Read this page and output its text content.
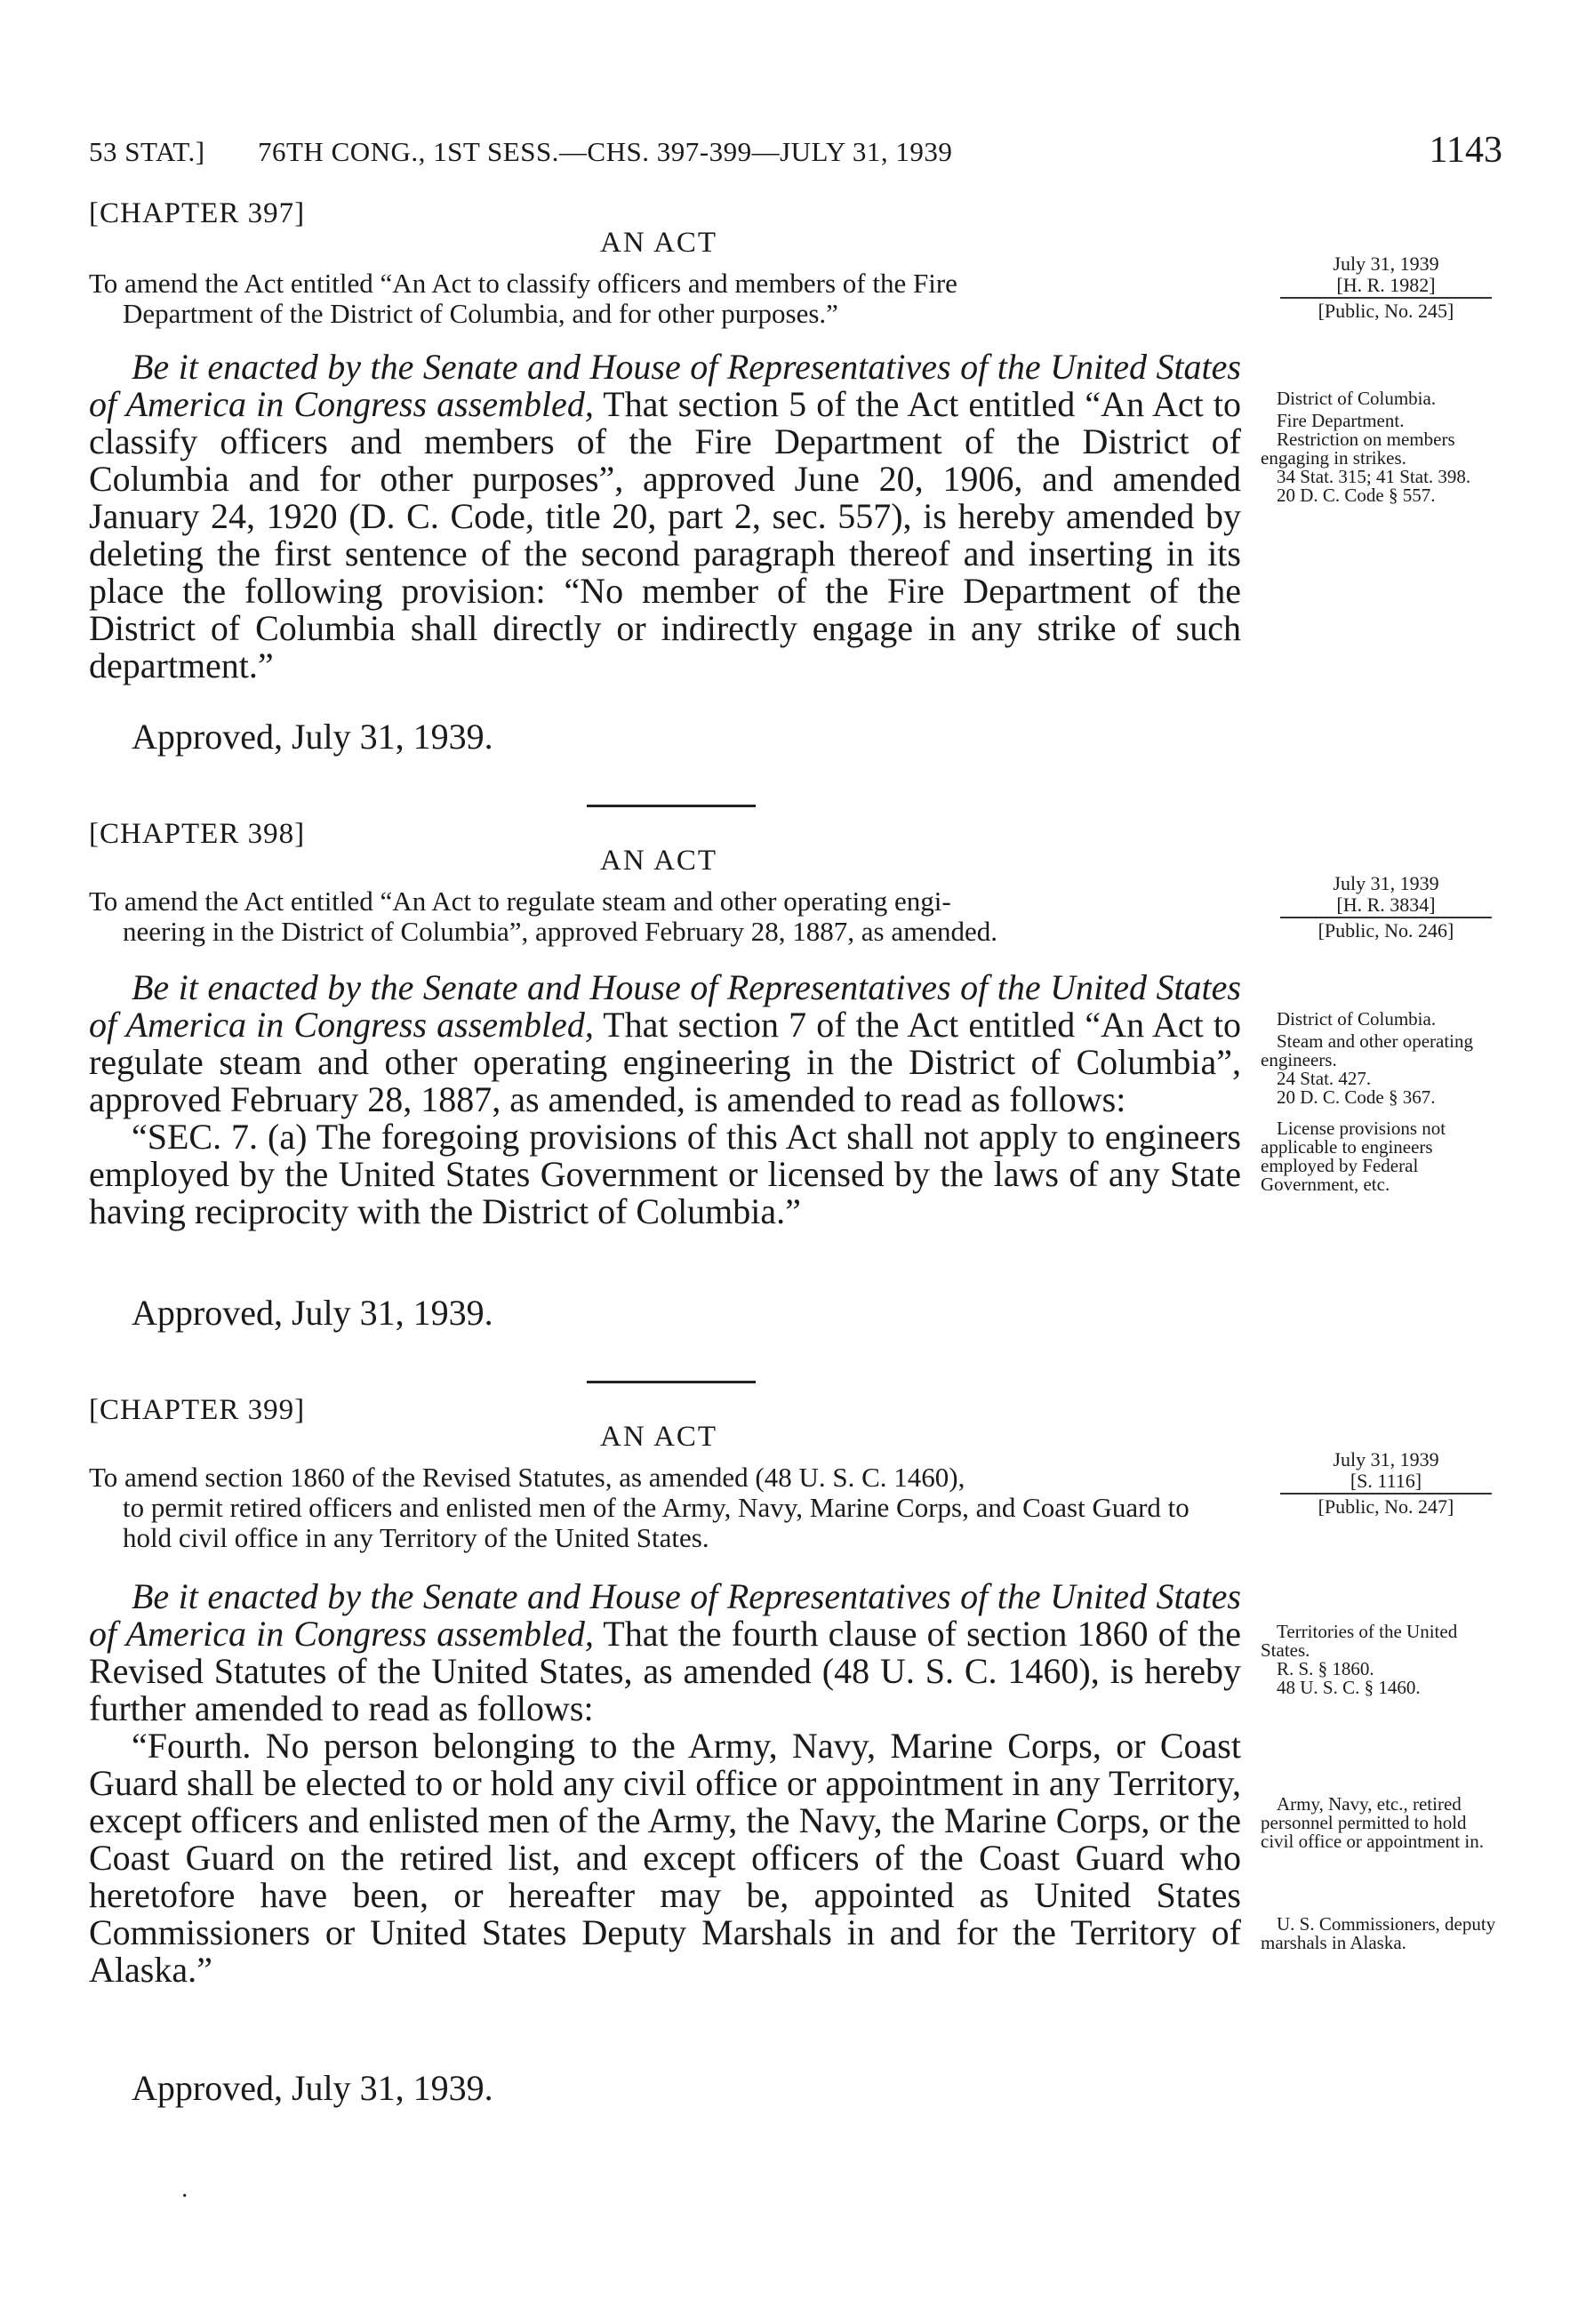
53 STAT.] 76TH CONG., 1ST SESS.—CHS. 397-399—JULY 31, 1939	1143
[CHAPTER 397]
AN ACT
To amend the Act entitled “An Act to classify officers and members of the Fire
Department of the District of Columbia, and for other purposes.”
July 31, 1939
[H. R. 1982]
[Public, No. 245]

Be it enacted by the Senate and House of Representatives of the United States of America in Congress assembled, That section 5 of the Act entitled “An Act to classify officers and members of the Fire Department of the District of Columbia and for other purposes”, approved June 20, 1906, and amended January 24, 1920 (D. C. Code, title 20, part 2, sec. 557), is hereby amended by deleting the first sentence of the second paragraph thereof and inserting in its place the following provision: “No member of the Fire Department of the District of Columbia shall directly or indirectly engage in any strike of such department.”

Approved, July 31, 1939.

District of Columbia.

Fire Department.

Restriction on members engaging in strikes.

34 Stat. 315; 41 Stat. 398.

20 D. C. Code § 557.

[CHAPTER 398]
AN ACT
To amend the Act entitled “An Act to regulate steam and other operating engi-
neering in the District of Columbia”, approved February 28, 1887, as amended.
July 31, 1939
[H. R. 3834]
[Public, No. 246]

Be it enacted by the Senate and House of Representatives of the United States of America in Congress assembled, That section 7 of the Act entitled “An Act to regulate steam and other operating engineering in the District of Columbia”, approved February 28, 1887, as amended, is amended to read as follows:

“SEC. 7. (a) The foregoing provisions of this Act shall not apply to engineers employed by the United States Government or licensed by the laws of any State having reciprocity with the District of Columbia.”

Approved, July 31, 1939.

District of Columbia.

Steam and other operating engineers.

24 Stat. 427.

20 D. C. Code § 367.

License provisions not applicable to engineers employed by Federal Government, etc.

[CHAPTER 399]
AN ACT
To amend section 1860 of the Revised Statutes, as amended (48 U. S. C. 1460),
to permit retired officers and enlisted men of the Army, Navy, Marine Corps, and Coast Guard to hold civil office in any Territory of the United States.
July 31, 1939
[S. 1116]
[Public, No. 247]

Be it enacted by the Senate and House of Representatives of the United States of America in Congress assembled, That the fourth clause of section 1860 of the Revised Statutes of the United States, as amended (48 U. S. C. 1460), is hereby further amended to read as follows:

“Fourth. No person belonging to the Army, Navy, Marine Corps, or Coast Guard shall be elected to or hold any civil office or appointment in any Territory, except officers and enlisted men of the Army, the Navy, the Marine Corps, or the Coast Guard on the retired list, and except officers of the Coast Guard who heretofore have been, or hereafter may be, appointed as United States Commissioners or United States Deputy Marshals in and for the Territory of Alaska.”

Approved, July 31, 1939.

Territories of the United States.

R. S. § 1860.

48 U. S. C. § 1460.

Army, Navy, etc., retired personnel permitted to hold civil office or appointment in.

U. S. Commissioners, deputy marshals in Alaska.

·
